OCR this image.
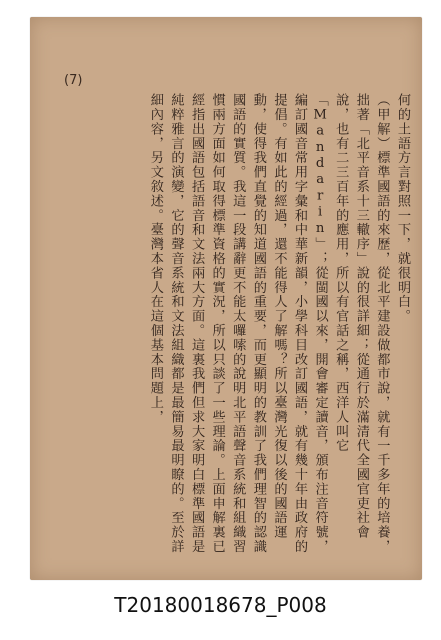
(7)

何的土語方言對照一下，就很明白。

（甲解）標準國語的來歷，從北平建設做都市說，就有一千多年的培養，拙著「北平音系十三轍序」說的很詳細；從通行於滿清代全國官吏社會說，也有二三百年的應用，所以有官話之稱，西洋人叫它「Mandarin」；從閩國以來，開會審定讀音，頒布注音符號，編訂國音常用字彙和中華新韻，小學科目改訂國語，就有幾十年由政府的提倡。有如此的經過，還不能得人了解嗎？所以臺灣光復以後的國語運動，使得我們直覺的知道國語的重要，而更顯明的教訓了我們理智的認識國語的實質。我這一段講辭更不能太囉嗦的說明北平語聲音系統和組織習慣兩方面如何取得標準資格的實況，所以只談了一些理論。上面申解裏已經指出國語包括語音和文法兩大方面。這裏我們但求大家明白標準國語是純粹雅言的演變，它的聲音系統和文法組織都是最簡易最明瞭的。至於詳細內容，另文敘述。臺灣本省人在這個基本問題上，

T20180018678_P008
